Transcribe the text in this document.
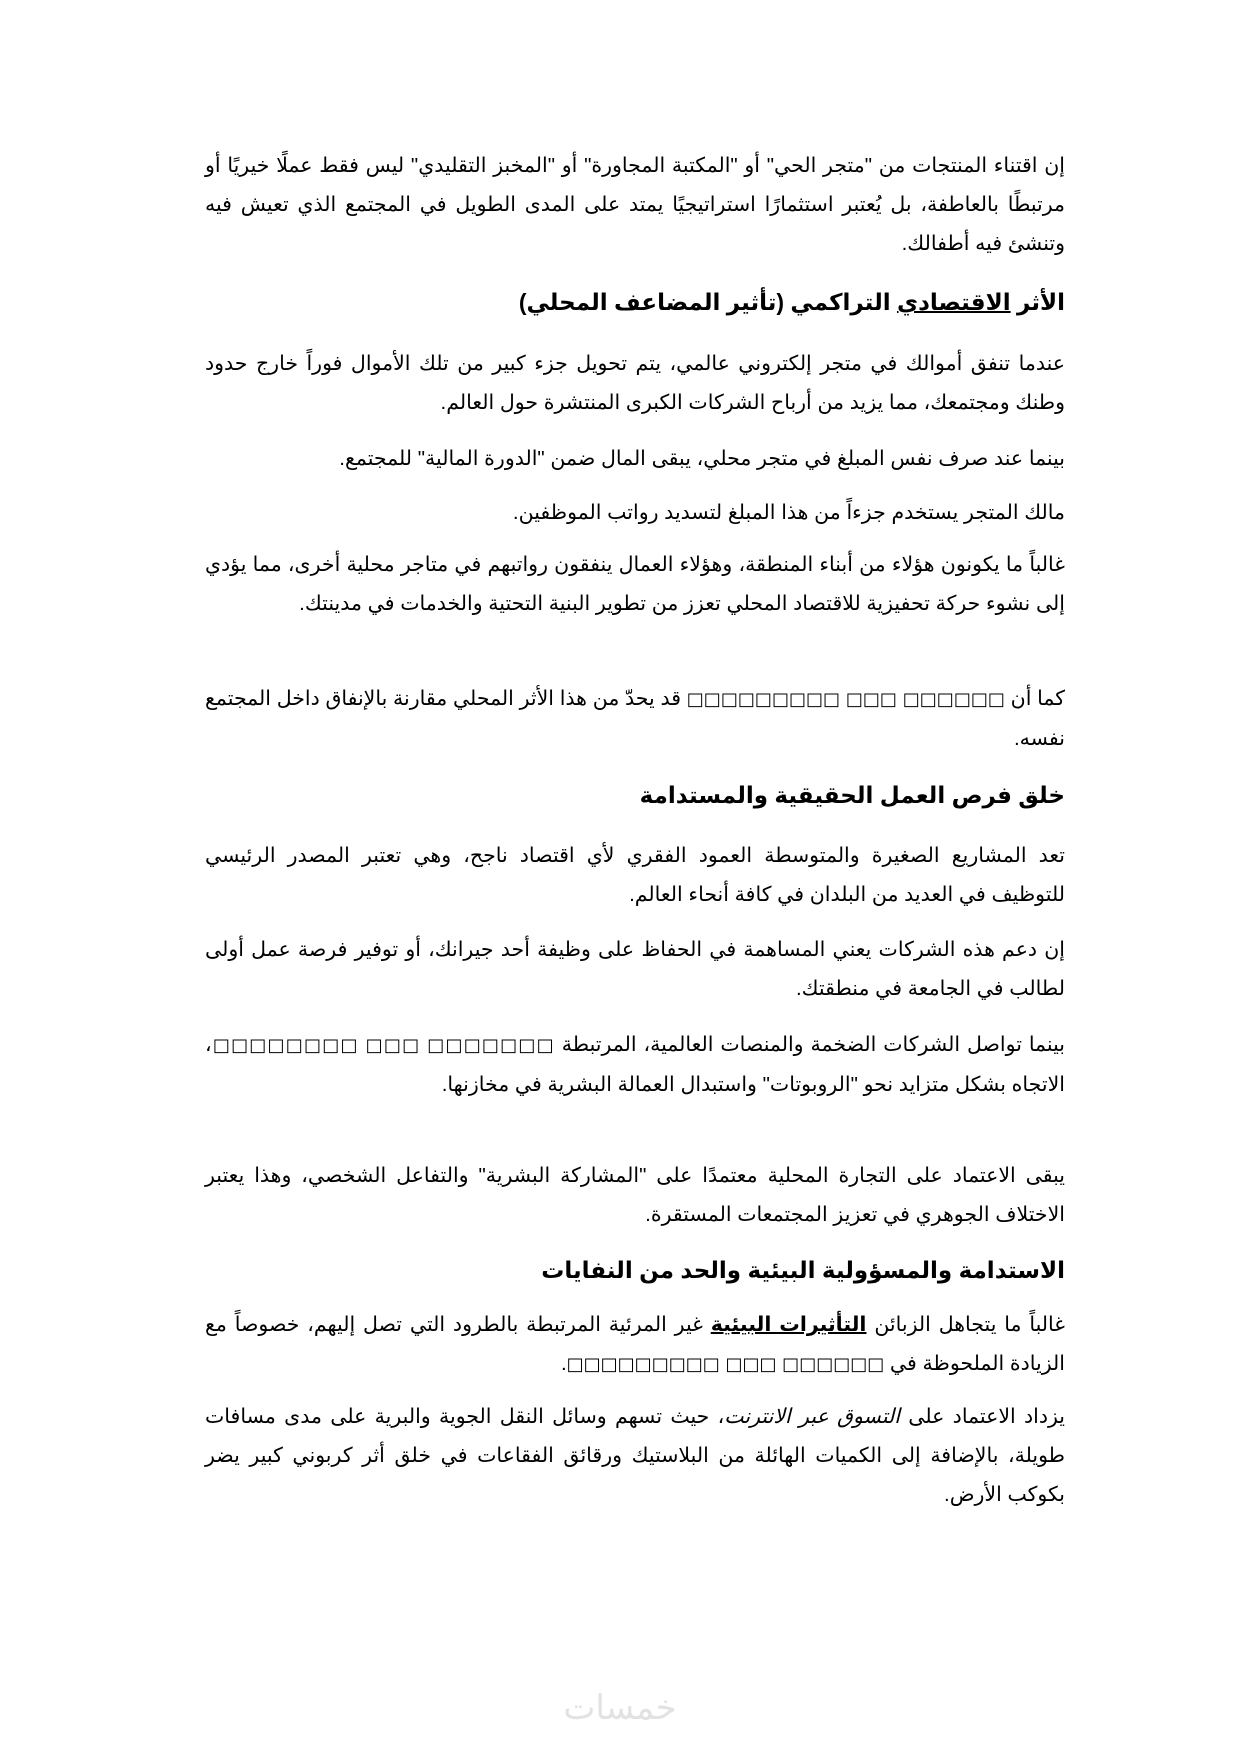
إن اقتناء المنتجات من "متجر الحي" أو "المكتبة المجاورة" أو "المخبز التقليدي" ليس فقط عملًا خيريًا أو مرتبطًا بالعاطفة، بل يُعتبر استثمارًا استراتيجيًا يمتد على المدى الطويل في المجتمع الذي تعيش فيه وتنشئ فيه أطفالك.
الأثر الاقتصادي التراكمي (تأثير المضاعف المحلي)
عندما تنفق أموالك في متجر إلكتروني عالمي، يتم تحويل جزء كبير من تلك الأموال فوراً خارج حدود وطنك ومجتمعك، مما يزيد من أرباح الشركات الكبرى المنتشرة حول العالم.
بينما عند صرف نفس المبلغ في متجر محلي، يبقى المال ضمن "الدورة المالية" للمجتمع.
مالك المتجر يستخدم جزءاً من هذا المبلغ لتسديد رواتب الموظفين.
غالباً ما يكونون هؤلاء من أبناء المنطقة، وهؤلاء العمال ينفقون رواتبهم في متاجر محلية أخرى، مما يؤدي إلى نشوء حركة تحفيزية للاقتصاد المحلي تعزز من تطوير البنية التحتية والخدمات في مدينتك.
كما أن □□□□□□ □□□ □□□□□□□□□ قد يحدّ من هذا الأثر المحلي مقارنة بالإنفاق داخل المجتمع نفسه.
خلق فرص العمل الحقيقية والمستدامة
تعد المشاريع الصغيرة والمتوسطة العمود الفقري لأي اقتصاد ناجح، وهي تعتبر المصدر الرئيسي للتوظيف في العديد من البلدان في كافة أنحاء العالم.
إن دعم هذه الشركات يعني المساهمة في الحفاظ على وظيفة أحد جيرانك، أو توفير فرصة عمل أولى لطالب في الجامعة في منطقتك.
بينما تواصل الشركات الضخمة والمنصات العالمية، المرتبطة □□□□□□□ □□□ □□□□□□□□، الاتجاه بشكل متزايد نحو "الروبوتات" واستبدال العمالة البشرية في مخازنها.
يبقى الاعتماد على التجارة المحلية معتمدًا على "المشاركة البشرية" والتفاعل الشخصي، وهذا يعتبر الاختلاف الجوهري في تعزيز المجتمعات المستقرة.
الاستدامة والمسؤولية البيئية والحد من النفايات
غالباً ما يتجاهل الزبائن التأثيرات البيئية غير المرئية المرتبطة بالطرود التي تصل إليهم، خصوصاً مع الزيادة الملحوظة في □□□□□□ □□□ □□□□□□□□□.
يزداد الاعتماد على التسوق عبر الانترنت، حيث تسهم وسائل النقل الجوية والبرية على مدى مسافات طويلة، بالإضافة إلى الكميات الهائلة من البلاستيك ورقائق الفقاعات في خلق أثر كربوني كبير يضر بكوكب الأرض.
خمسات
